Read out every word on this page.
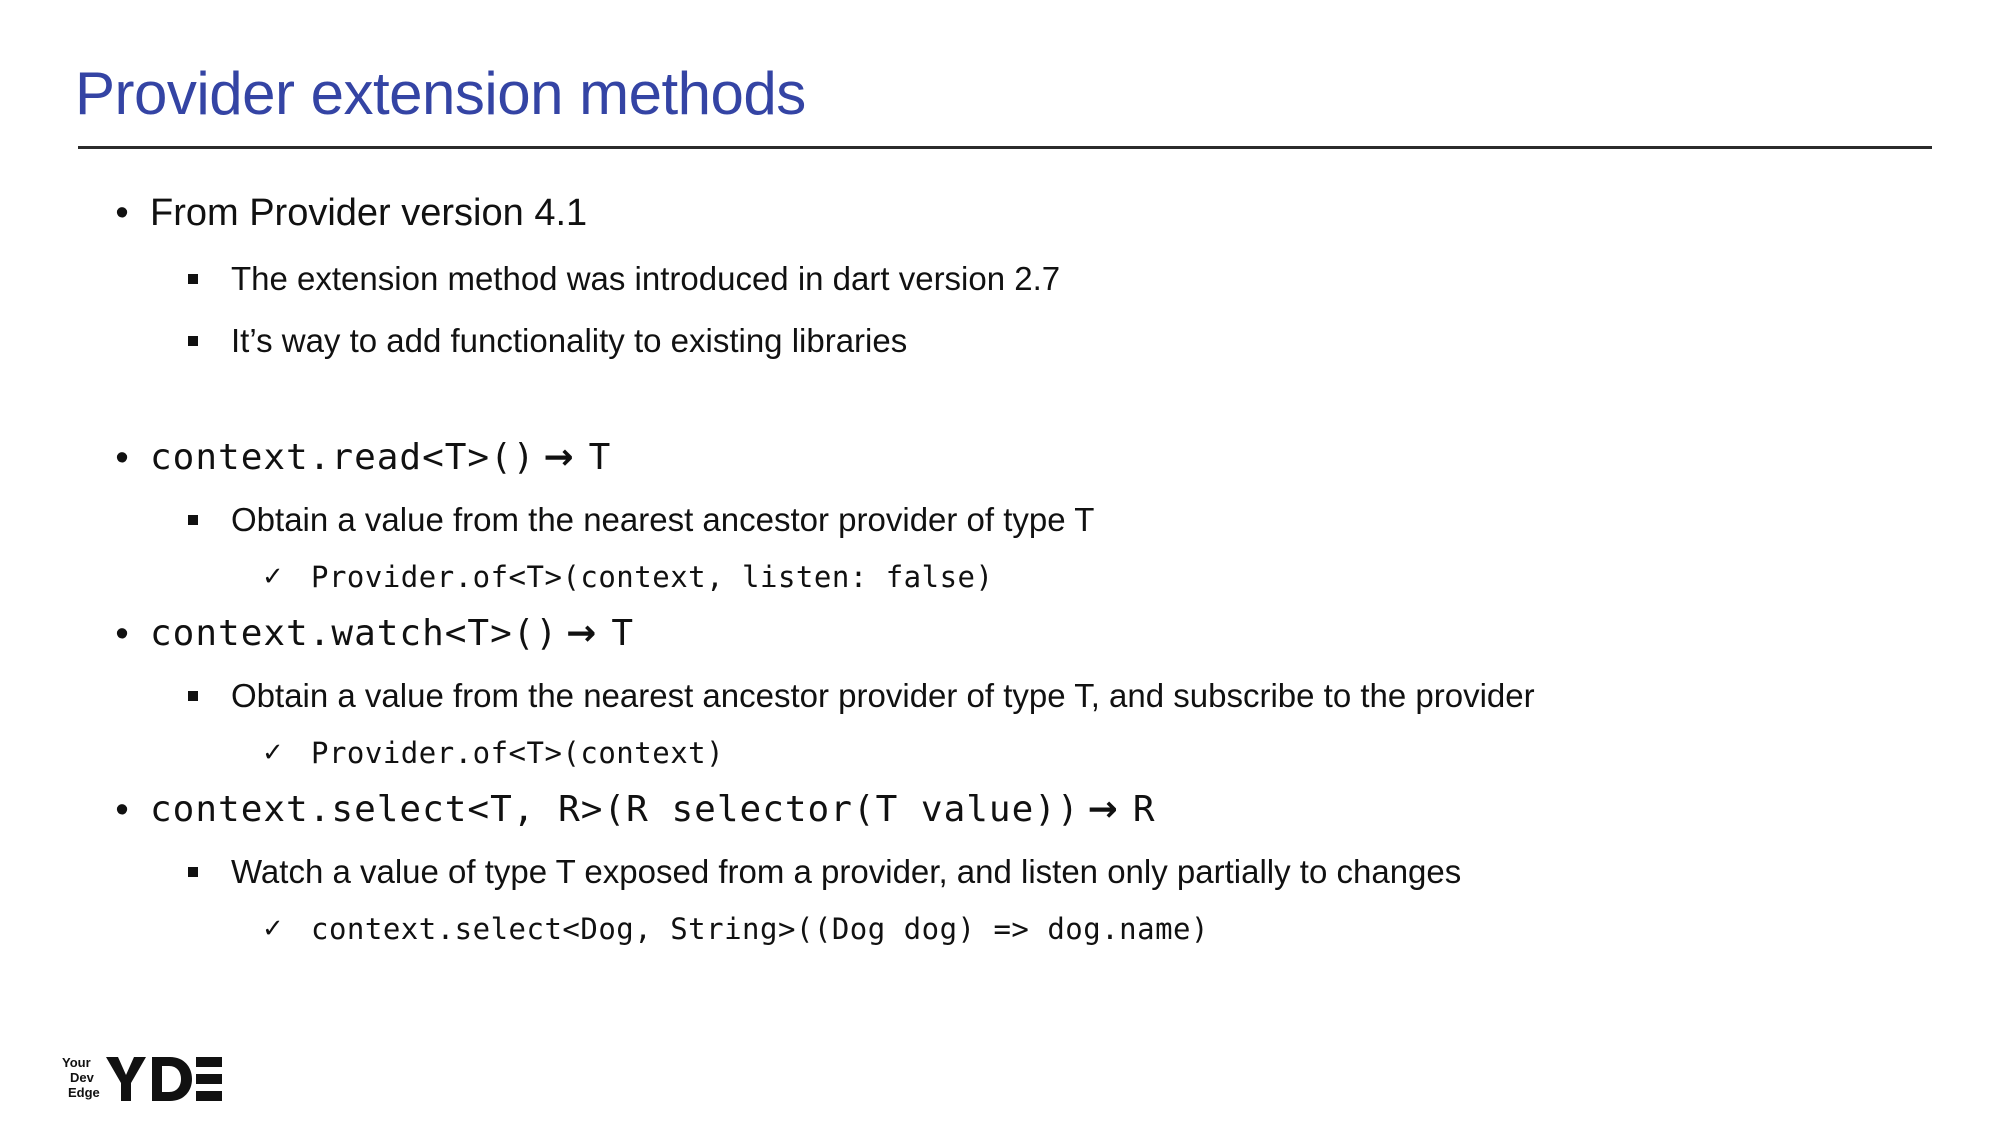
Provider extension methods
• From Provider version 4.1
The extension method was introduced in dart version 2.7
It’s way to add functionality to existing libraries
• context.read<T>() → T
Obtain a value from the nearest ancestor provider of type T
✓ Provider.of<T>(context, listen: false)
• context.watch<T>() → T
Obtain a value from the nearest ancestor provider of type T, and subscribe to the provider
✓ Provider.of<T>(context)
• context.select<T, R>(R selector(T value)) → R
Watch a value of type T exposed from a provider, and listen only partially to changes
✓ context.select<Dog, String>((Dog dog) => dog.name)
Your
Dev
Edge
